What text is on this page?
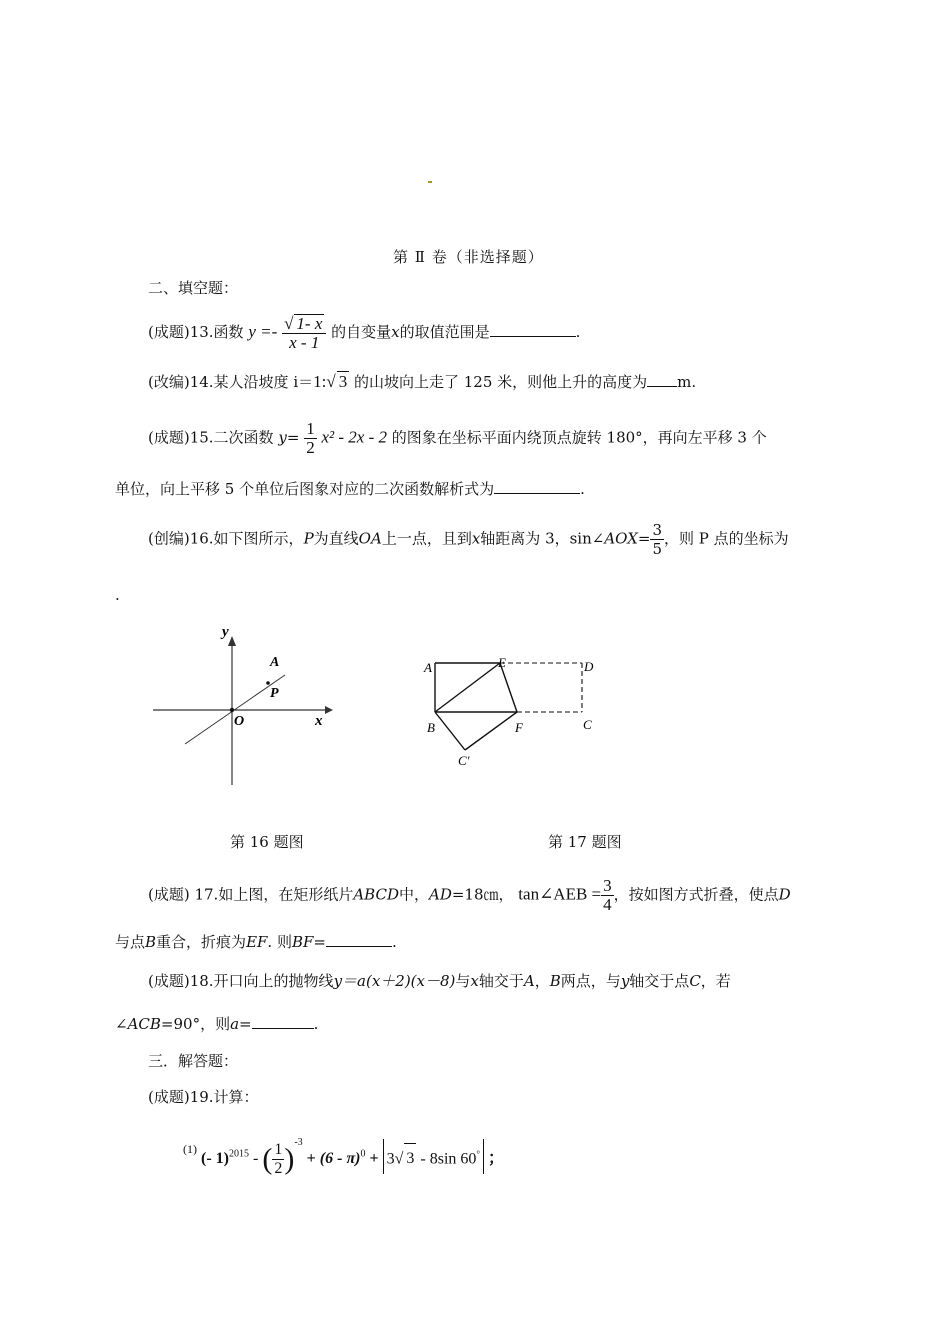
第 Ⅱ 卷（非选择题）
二、填空题：
(成题)13.函数 $y =- \frac{√ 1- x}{x - 1}$ 的自变量x的取值范围是	.
(改编)14.某人沿坡度 i＝1:√ 3 的山坡向上走了 125 米，则他上升的高度为 m.
(成题)15.二次函数 $y= \frac{1}{2} x^2 - 2x - 2$ 的图象在坐标平面内绕顶点旋转 180°，再向左平移 3 个
单位，向上平移 5 个单位后图象对应的二次函数解析式为	.
(创编)16.如下图所示，P为直线OA上一点，且到x轴距离为 3，sin∠AOX= $\frac{3}{5}$ ，则 P 点的坐标为
.
y
x
O
A
P
A	E	D
B	F	C
C′
第 16 题图	第 17 题图
(成题) 17.如上图，在矩形纸片ABCD中，AD=18㎝， tan∠AEB = $\frac{3}{4}$ ，按如图方式折叠，使点D
与点B重合，折痕为EF. 则BF=	.
(成题)18.开口向上的抛物线y＝a(x＋2)(x－8)与x轴交于A，B两点，与y轴交于点C，若
∠ACB=90°，则a=	.
三．解答题：
(成题)19.计算：
$^{(1)}$ (- 1)$^{2015}$ - ( $\frac{1}{2} )^{-3} + (6 - \pi)^0 + 3√$ 3 - 8sin 60° ；
